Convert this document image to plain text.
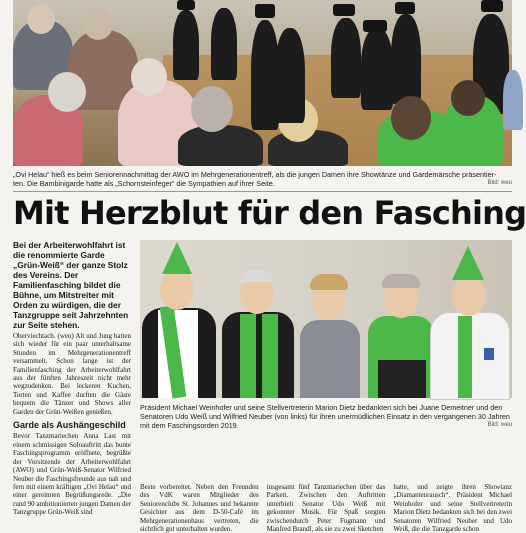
„Ovi Helau“ hieß es beim Seniorennachmittag der AWO im Mehrgenerationentreff, als die jungen Damen ihre Showtänze und Gardemärsche präsentier-
ten. Die Bambinigarde hatte als „Schornsteinfeger“ die Sympathien auf ihrer Seite.	Bild: weu
Mit Herzblut für den Fasching

Bei der Arbeiterwohlfahrt ist die renommierte Garde „Grün-Weiß“ der ganze Stolz des Vereins. Der Familienfasching bildet die Bühne, um Mitstreiter mit Orden zu würdigen, die der Tanzgruppe seit Jahrzehnten zur Seite stehen.

Oberviechtach. (weu) Alt und Jung hatten sich wieder für ein paar unterhaltsame Stunden im Mehrgenerationentreff versammelt. Schon lange ist der Familienfasching der Arbeiterwohlfahrt aus der fünften Jahreszeit nicht mehr wegzudenken. Bei leckeren Kuchen, Torten und Kaffee durften die Gäste bequem die Tänzer und Shows aller Garden der Grün-Weißen genießen.

Garde als Aushängeschild

Bevor Tanzmariechen Anna Last mit einem schmissigen Soloauftritt das bunte Faschingsprogramm eröffnete, begrüßte der Vorsitzende der Arbeiterwohlfahrt (AWO) und Grün-Weiß-Senator Wilfried Neuber die Faschingsfreunde aus nah und fern mit einem kräftigen „Ovi Helau“ und einer gereimten Begrüßungsrede. „Die rund 90 ambitionierten jungen Damen der Tanzgruppe Grün-Weiß sind

OVI
Präsident Michael Weinhofer und seine Stellvertreterin Marion Dietz bedankten sich bei Juane Demeitner und den Senatoren Udo Weiß und Wilfried Neuber (von links) für ihren unermüdlichen Einsatz in den vergangenen 30 Jahren mit dem Faschingsorden 2019.	Bild: weu
Beste vorbereitet. Neben den Freunden des VdK waren Mitglieder des Seniorenclubs St. Johannes und bekannte Gesichter aus dem D-50-Café im Mehrgenerationenhaus vertreten, die sichtlich gut unterhalten wurden.
insgesamt fünf Tanzmariechen über das Parkett. Zwischen den Auftritten unterhielt Senator Udo Weiß mit gekonnter Musik. Für Spaß sorgten zwischendurch Peter Fugmann und Manfred Brandl, als sie zu zwei Sketchen
hatte, und zeigte ihren Showtanz „Diamantenrausch“. Präsident Michael Weinhofer und seine Stellvertreterin Marion Dietz bedankten sich bei den zwei Senatoren Wilfried Neuber und Udo Weiß, die die Tanzgarde schon
